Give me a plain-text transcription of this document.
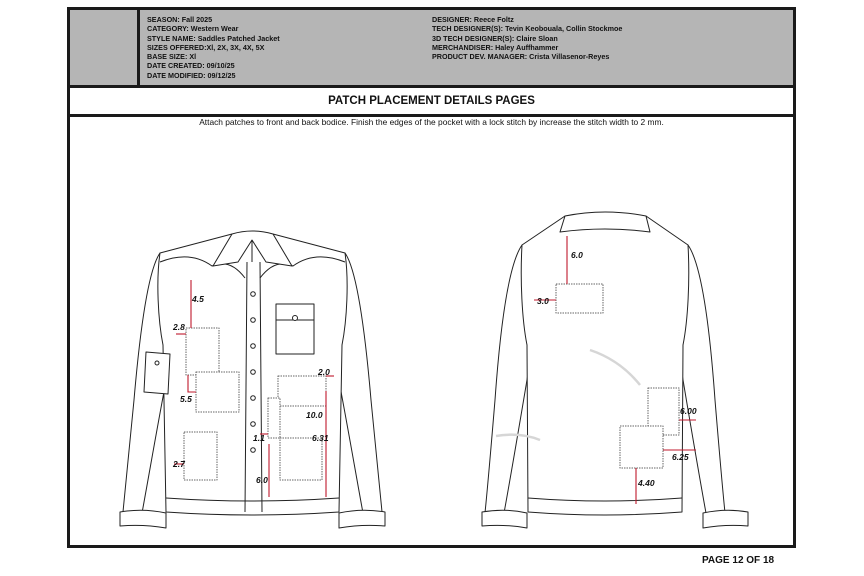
SEASON: Fall 2025
CATEGORY: Western Wear
STYLE NAME: Saddles Patched Jacket
SIZES OFFERED:Xl, 2X, 3X, 4X, 5X
BASE SIZE: Xl
DATE CREATED: 09/10/25
DATE MODIFIED: 09/12/25
DESIGNER: Reece Foltz
TECH DESIGNER(S): Tevin Keobouala, Collin Stockmoe
3D TECH DESIGNER(S): Claire Sloan
MERCHANDISER: Haley Auffhammer
PRODUCT DEV. MANAGER: Crista Villasenor-Reyes
PATCH PLACEMENT DETAILS PAGES
Attach patches to front and back bodice. Finish the edges of the pocket with a lock stitch by increase the stitch width to 2 mm.
4.5
2.8
5.5
2.7
2.0
10.0
1.1	6.31
6.0
6.0
3.0
6.00
6.25
4.40
PAGE 12 OF 18
